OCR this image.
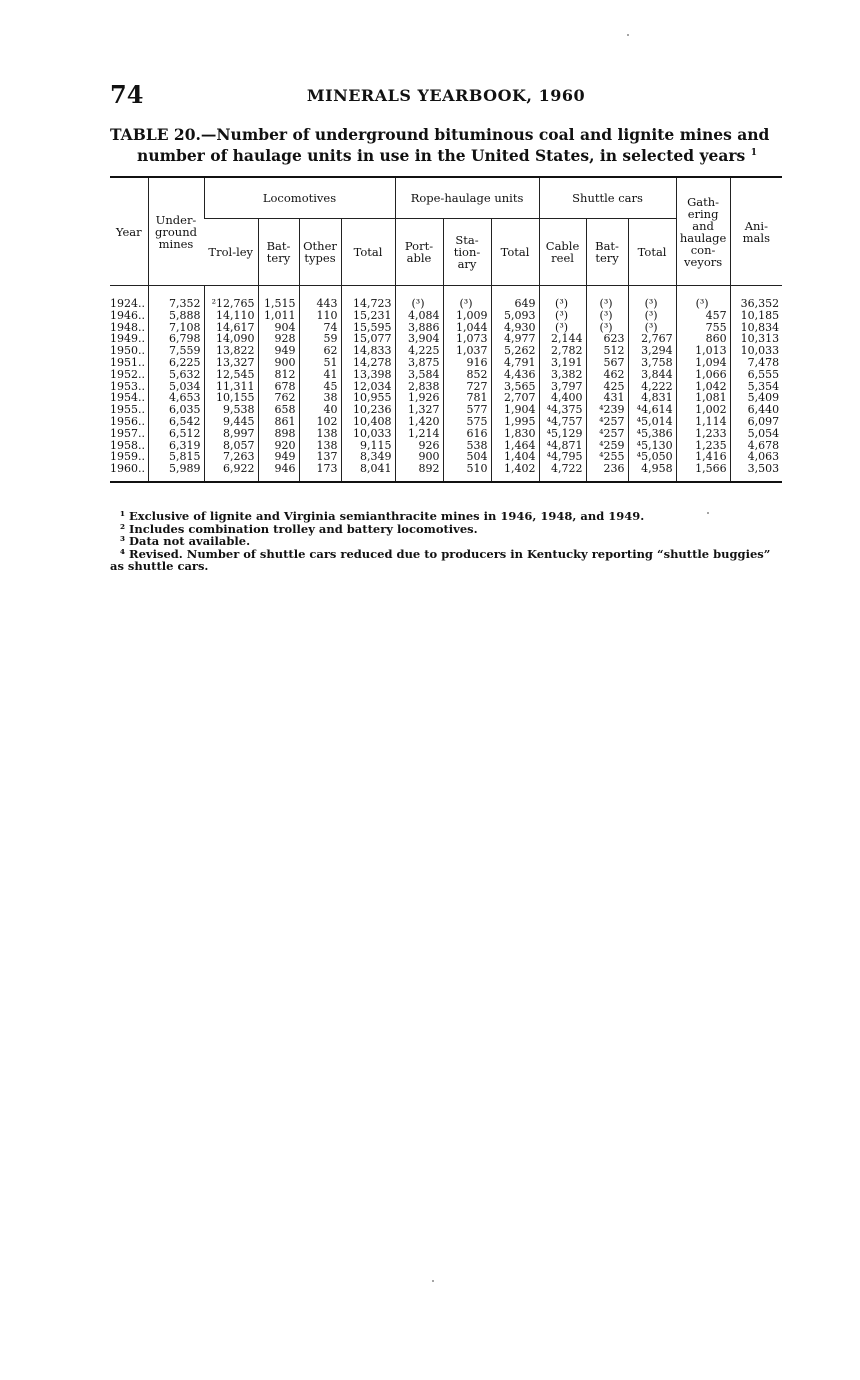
74	MINERALS YEARBOOK, 1960
TABLE 20.—Number of underground bituminous coal and lignite mines and
number of haulage units in use in the United States, in selected years $^1$
Year	Under-ground mines	Locomotives				Rope-haulage units			Shuttle cars			Gath-ering and haulage con-veyors	Ani-mals
		Trol-ley	Bat-tery	Other types	Total	Port-able	Sta-tion-ary	Total	Cable reel	Bat-tery	Total		

1924..	7,352	²12,765	1,515	443	14,723	(³)	(³)	649	(³)	(³)	(³)	(³)	36,352
1946..	5,888	14,110	1,011	110	15,231	4,084	1,009	5,093	(³)	(³)	(³)	457	10,185
1948..	7,108	14,617	904	74	15,595	3,886	1,044	4,930	(³)	(³)	(³)	755	10,834
1949..	6,798	14,090	928	59	15,077	3,904	1,073	4,977	2,144	623	2,767	860	10,313
1950..	7,559	13,822	949	62	14,833	4,225	1,037	5,262	2,782	512	3,294	1,013	10,033
1951..	6,225	13,327	900	51	14,278	3,875	916	4,791	3,191	567	3,758	1,094	7,478
1952..	5,632	12,545	812	41	13,398	3,584	852	4,436	3,382	462	3,844	1,066	6,555
1953..	5,034	11,311	678	45	12,034	2,838	727	3,565	3,797	425	4,222	1,042	5,354
1954..	4,653	10,155	762	38	10,955	1,926	781	2,707	4,400	431	4,831	1,081	5,409
1955..	6,035	9,538	658	40	10,236	1,327	577	1,904	⁴4,375	⁴239	⁴4,614	1,002	6,440
1956..	6,542	9,445	861	102	10,408	1,420	575	1,995	⁴4,757	⁴257	⁴5,014	1,114	6,097
1957..	6,512	8,997	898	138	10,033	1,214	616	1,830	⁴5,129	⁴257	⁴5,386	1,233	5,054
1958..	6,319	8,057	920	138	9,115	926	538	1,464	⁴4,871	⁴259	⁴5,130	1,235	4,678
1959..	5,815	7,263	949	137	8,349	900	504	1,404	⁴4,795	⁴255	⁴5,050	1,416	4,063
1960..	5,989	6,922	946	173	8,041	892	510	1,402	4,722	236	4,958	1,566	3,503
¹ Exclusive of lignite and Virginia semianthracite mines in 1946, 1948, and 1949.
² Includes combination trolley and battery locomotives.
³ Data not available.
⁴ Revised. Number of shuttle cars reduced due to producers in Kentucky reporting “shuttle buggies” as shuttle cars.
